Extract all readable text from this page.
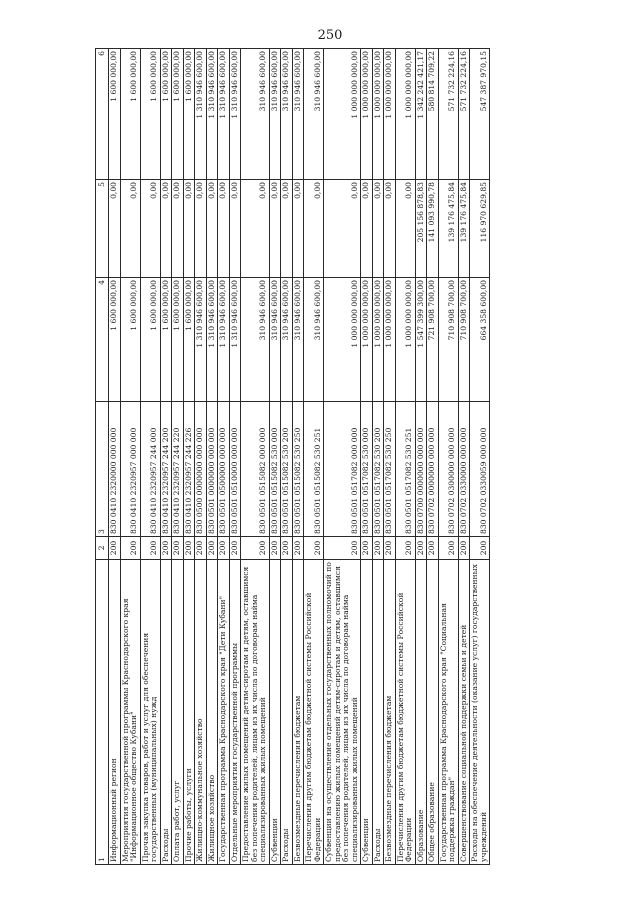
250
1	2	3	4	5	6
Информационный регион	200	830 0410 2320000 000 000	1 600 000,00	0,00	1 600 000,00
Мероприятия государственной программы Краснодарского края "Информационное общество Кубани"	200	830 0410 2320957 000 000	1 600 000,00	0,00	1 600 000,00
Прочая закупка товаров, работ и услуг для обеспечения государственных (муниципальных) нужд	200	830 0410 2320957 244 000	1 600 000,00	0,00	1 600 000,00
Расходы	200	830 0410 2320957 244 200	1 600 000,00	0,00	1 600 000,00
Оплата работ, услуг	200	830 0410 2320957 244 220	1 600 000,00	0,00	1 600 000,00
Прочие работы, услуги	200	830 0410 2320957 244 226	1 600 000,00	0,00	1 600 000,00
Жилищно-коммунальное хозяйство	200	830 0500 0000000 000 000	1 310 946 600,00	0,00	1 310 946 600,00
Жилищное хозяйство	200	830 0501 0000000 000 000	1 310 946 600,00	0,00	1 310 946 600,00
Государственная программа Краснодарского края "Дети Кубани"	200	830 0501 0500000 000 000	1 310 946 600,00	0,00	1 310 946 600,00
Отдельные мероприятия государственной программы	200	830 0501 0510000 000 000	1 310 946 600,00	0,00	1 310 946 600,00
Предоставление жилых помещений детям-сиротам и детям, оставшимся без попечения родителей, лицам из их числа по договорам найма специализированных жилых помещений	200	830 0501 0515082 000 000	310 946 600,00	0,00	310 946 600,00
Субвенции	200	830 0501 0515082 530 000	310 946 600,00	0,00	310 946 600,00
Расходы	200	830 0501 0515082 530 200	310 946 600,00	0,00	310 946 600,00
Безвозмездные перечисления бюджетам	200	830 0501 0515082 530 250	310 946 600,00	0,00	310 946 600,00
Перечисления другим бюджетам бюджетной системы Российской Федерации	200	830 0501 0515082 530 251	310 946 600,00	0,00	310 946 600,00
Субвенции на осуществление отдельных государственных полномочий по предоставлению жилых помещений детям-сиротам и детям, оставшимся без попечения родителей, лицам из их числа по договорам найма специализированных жилых помещений	200	830 0501 0517082 000 000	1 000 000 000,00	0,00	1 000 000 000,00
Субвенции	200	830 0501 0517082 530 000	1 000 000 000,00	0,00	1 000 000 000,00
Расходы	200	830 0501 0517082 530 200	1 000 000 000,00	0,00	1 000 000 000,00
Безвозмездные перечисления бюджетам	200	830 0501 0517082 530 250	1 000 000 000,00	0,00	1 000 000 000,00
Перечисления другим бюджетам бюджетной системы Российской Федерации	200	830 0501 0517082 530 251	1 000 000 000,00	0,00	1 000 000 000,00
Образование	200	830 0700 0000000 000 000	1 547 399 300,00	205 156 878,83	1 342 242 421,17
Общее образование	200	830 0702 0000000 000 000	721 908 700,00	141 093 990,78	580 814 709,22
Государственная программа Краснодарского края "Социальная поддержка граждан"	200	830 0702 0300000 000 000	710 908 700,00	139 176 475,84	571 732 224,16
Совершенствование социальной поддержки семьи и детей	200	830 0702 0330000 000 000	710 908 700,00	139 176 475,84	571 732 224,16
Расходы на обеспечение деятельности (оказание услуг) государственных учреждений	200	830 0702 0330059 000 000	664 358 600,00	116 970 629,85	547 387 970,15
